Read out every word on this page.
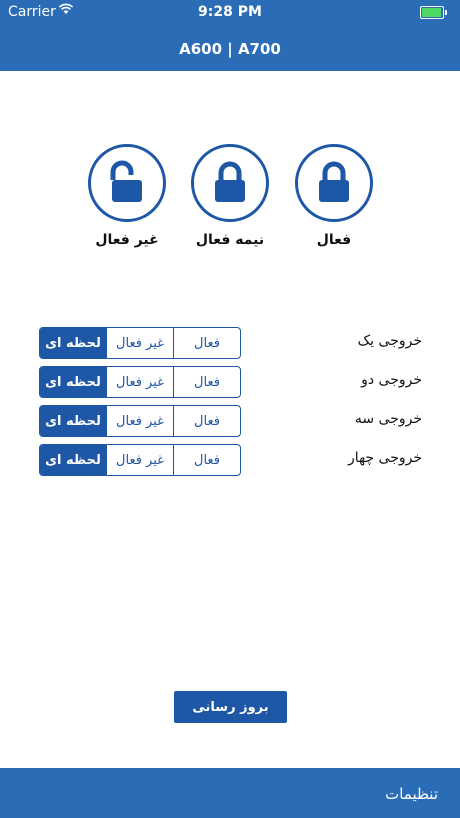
Carrier	9:28 PM
A600 | A700
غیر فعال	نیمه فعال	فعال
لحظه ای	غیر فعال	فعال	خروجی یک
لحظه ای	غیر فعال	فعال	خروجی دو
لحظه ای	غیر فعال	فعال	خروجی سه
لحظه ای	غیر فعال	فعال	خروجی چهار
بروز رسانی
تنظیمات
